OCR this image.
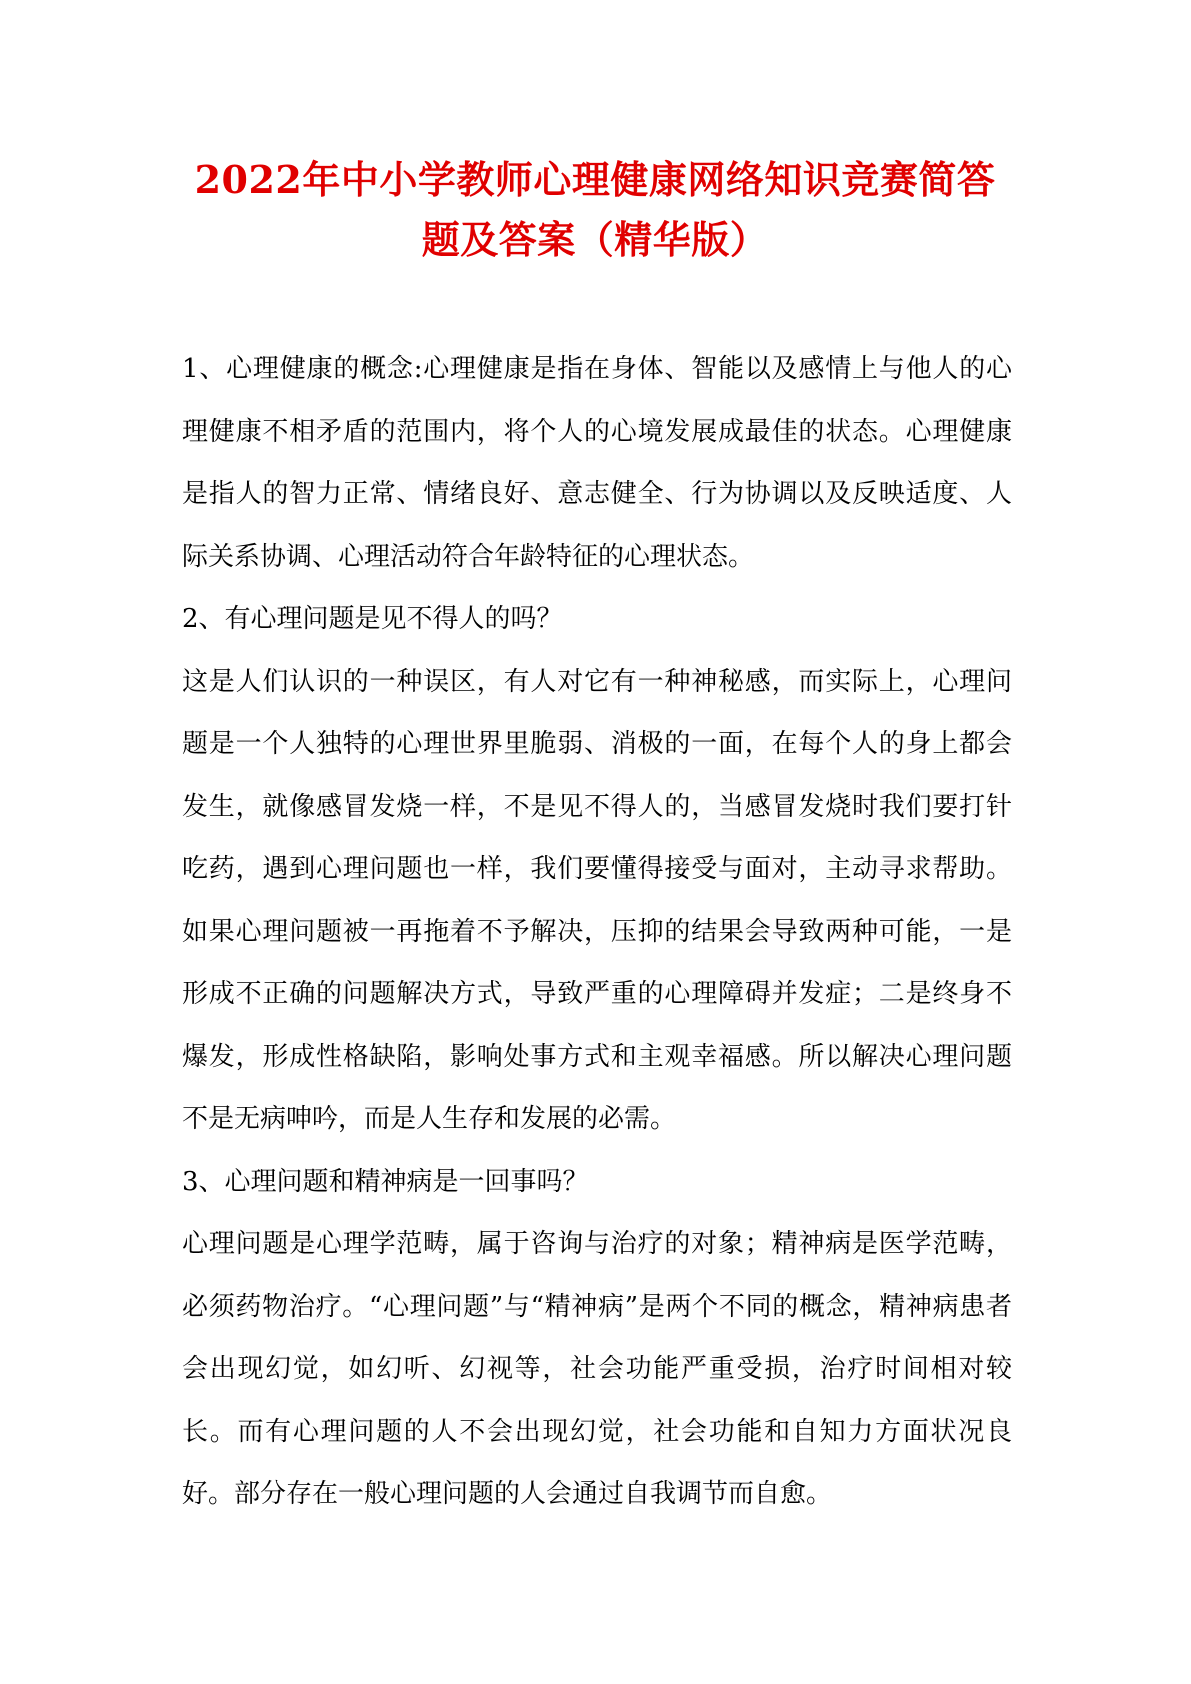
2022年中小学教师心理健康网络知识竞赛简答
题及答案（精华版）

1、心理健康的概念:心理健康是指在身体、智能以及感情上与他人的心理健康不相矛盾的范围内，将个人的心境发展成最佳的状态。心理健康是指人的智力正常、情绪良好、意志健全、行为协调以及反映适度、人际关系协调、心理活动符合年龄特征的心理状态。

2、有心理问题是见不得人的吗？

这是人们认识的一种误区，有人对它有一种神秘感，而实际上，心理问题是一个人独特的心理世界里脆弱、消极的一面，在每个人的身上都会发生，就像感冒发烧一样，不是见不得人的，当感冒发烧时我们要打针吃药，遇到心理问题也一样，我们要懂得接受与面对，主动寻求帮助。如果心理问题被一再拖着不予解决，压抑的结果会导致两种可能，一是形成不正确的问题解决方式，导致严重的心理障碍并发症；二是终身不爆发，形成性格缺陷，影响处事方式和主观幸福感。所以解决心理问题不是无病呻吟，而是人生存和发展的必需。

3、心理问题和精神病是一回事吗？

心理问题是心理学范畴，属于咨询与治疗的对象；精神病是医学范畴，必须药物治疗。“心理问题”与“精神病”是两个不同的概念，精神病患者会出现幻觉，如幻听、幻视等，社会功能严重受损，治疗时间相对较长。而有心理问题的人不会出现幻觉，社会功能和自知力方面状况良好。部分存在一般心理问题的人会通过自我调节而自愈。
